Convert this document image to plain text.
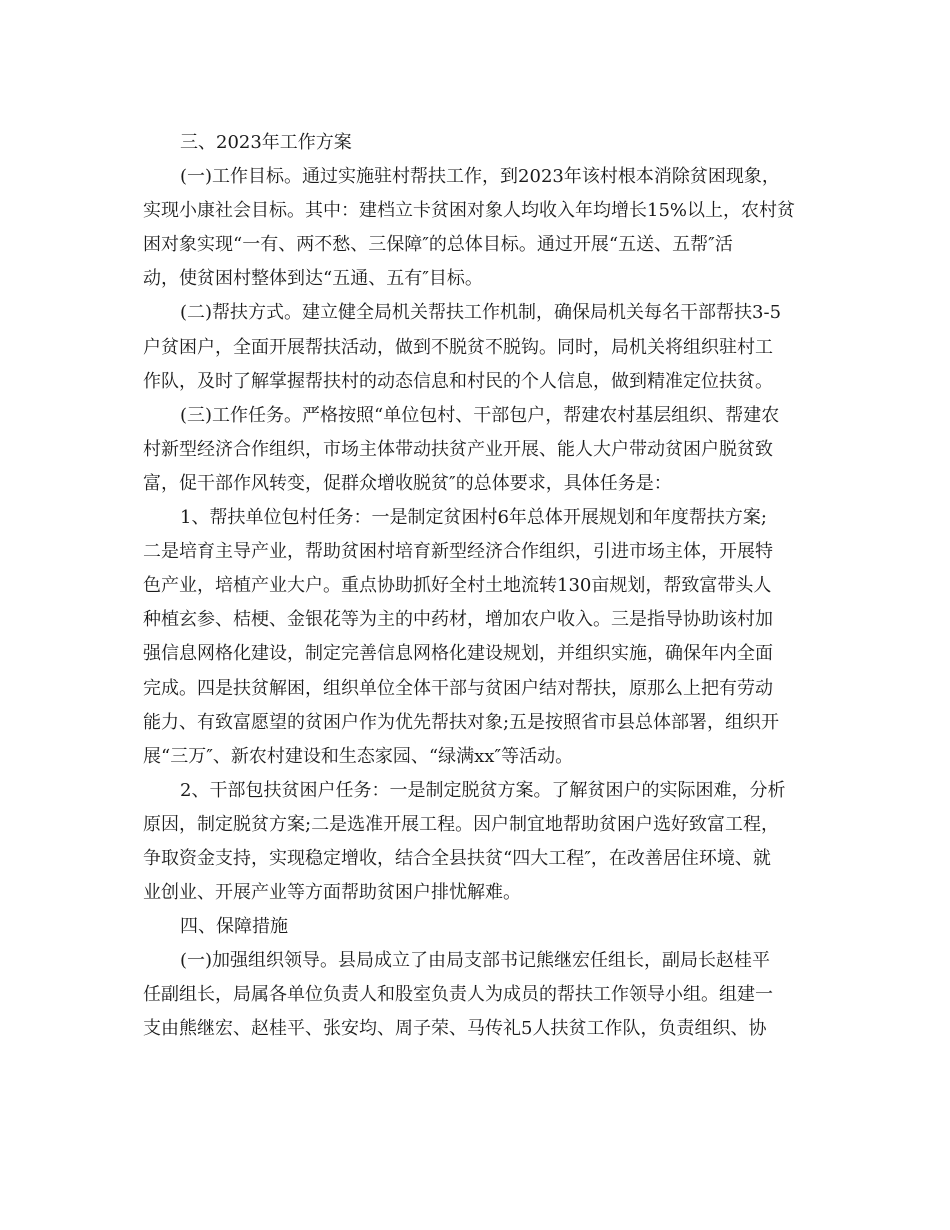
三、2023年工作方案
(一)工作目标。通过实施驻村帮扶工作，到2023年该村根本消除贫困现象，
实现小康社会目标。其中：建档立卡贫困对象人均收入年均增长15%以上，农村贫
困对象实现“一有、两不愁、三保障″的总体目标。通过开展“五送、五帮″活
动，使贫困村整体到达“五通、五有″目标。
(二)帮扶方式。建立健全局机关帮扶工作机制，确保局机关每名干部帮扶3-5
户贫困户，全面开展帮扶活动，做到不脱贫不脱钩。同时，局机关将组织驻村工
作队，及时了解掌握帮扶村的动态信息和村民的个人信息，做到精准定位扶贫。
(三)工作任务。严格按照“单位包村、干部包户，帮建农村基层组织、帮建农
村新型经济合作组织，市场主体带动扶贫产业开展、能人大户带动贫困户脱贫致
富，促干部作风转变，促群众增收脱贫″的总体要求，具体任务是：
1、帮扶单位包村任务：一是制定贫困村6年总体开展规划和年度帮扶方案;
二是培育主导产业，帮助贫困村培育新型经济合作组织，引进市场主体，开展特
色产业，培植产业大户。重点协助抓好全村土地流转130亩规划，帮致富带头人
种植玄参、桔梗、金银花等为主的中药材，增加农户收入。三是指导协助该村加
强信息网格化建设，制定完善信息网格化建设规划，并组织实施，确保年内全面
完成。四是扶贫解困，组织单位全体干部与贫困户结对帮扶，原那么上把有劳动
能力、有致富愿望的贫困户作为优先帮扶对象;五是按照省市县总体部署，组织开
展“三万″、新农村建设和生态家园、“绿满xx″等活动。
2、干部包扶贫困户任务：一是制定脱贫方案。了解贫困户的实际困难，分析
原因，制定脱贫方案;二是选准开展工程。因户制宜地帮助贫困户选好致富工程，
争取资金支持，实现稳定增收，结合全县扶贫“四大工程″，在改善居住环境、就
业创业、开展产业等方面帮助贫困户排忧解难。
四、保障措施
(一)加强组织领导。县局成立了由局支部书记熊继宏任组长，副局长赵桂平
任副组长，局属各单位负责人和股室负责人为成员的帮扶工作领导小组。组建一
支由熊继宏、赵桂平、张安均、周子荣、马传礼5人扶贫工作队，负责组织、协
